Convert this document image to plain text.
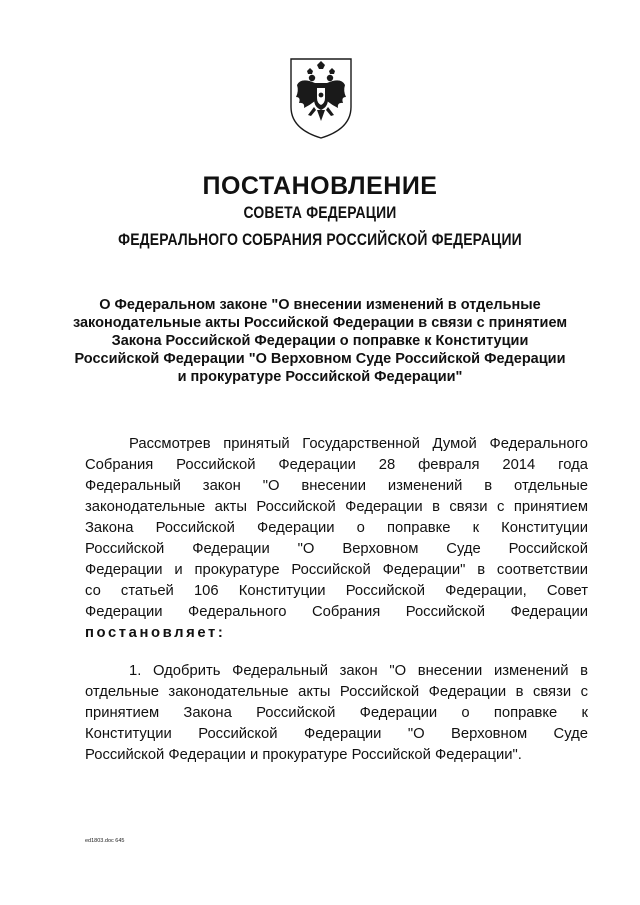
ПОСТАНОВЛЕНИЕ
СОВЕТА ФЕДЕРАЦИИ
ФЕДЕРАЛЬНОГО СОБРАНИЯ РОССИЙСКОЙ ФЕДЕРАЦИИ
О Федеральном законе "О внесении изменений в отдельные
законодательные акты Российской Федерации в связи с принятием
Закона Российской Федерации о поправке к Конституции
Российской Федерации "О Верховном Суде Российской Федерации
и прокуратуре Российской Федерации"
Рассмотрев принятый Государственной Думой Федерального
Собрания Российской Федерации 28 февраля 2014 года
Федеральный закон "О внесении изменений в отдельные
законодательные акты Российской Федерации в связи с принятием
Закона Российской Федерации о поправке к Конституции
Российской Федерации "О Верховном Суде Российской
Федерации и прокуратуре Российской Федерации" в соответствии
со статьей 106 Конституции Российской Федерации, Совет
Федерации Федерального Собрания Российской Федерации
постановляет:
1. Одобрить Федеральный закон "О внесении изменений в
отдельные законодательные акты Российской Федерации в связи с
принятием Закона Российской Федерации о поправке к
Конституции Российской Федерации "О Верховном Суде
Российской Федерации и прокуратуре Российской Федерации".
ed1803.doc 645
